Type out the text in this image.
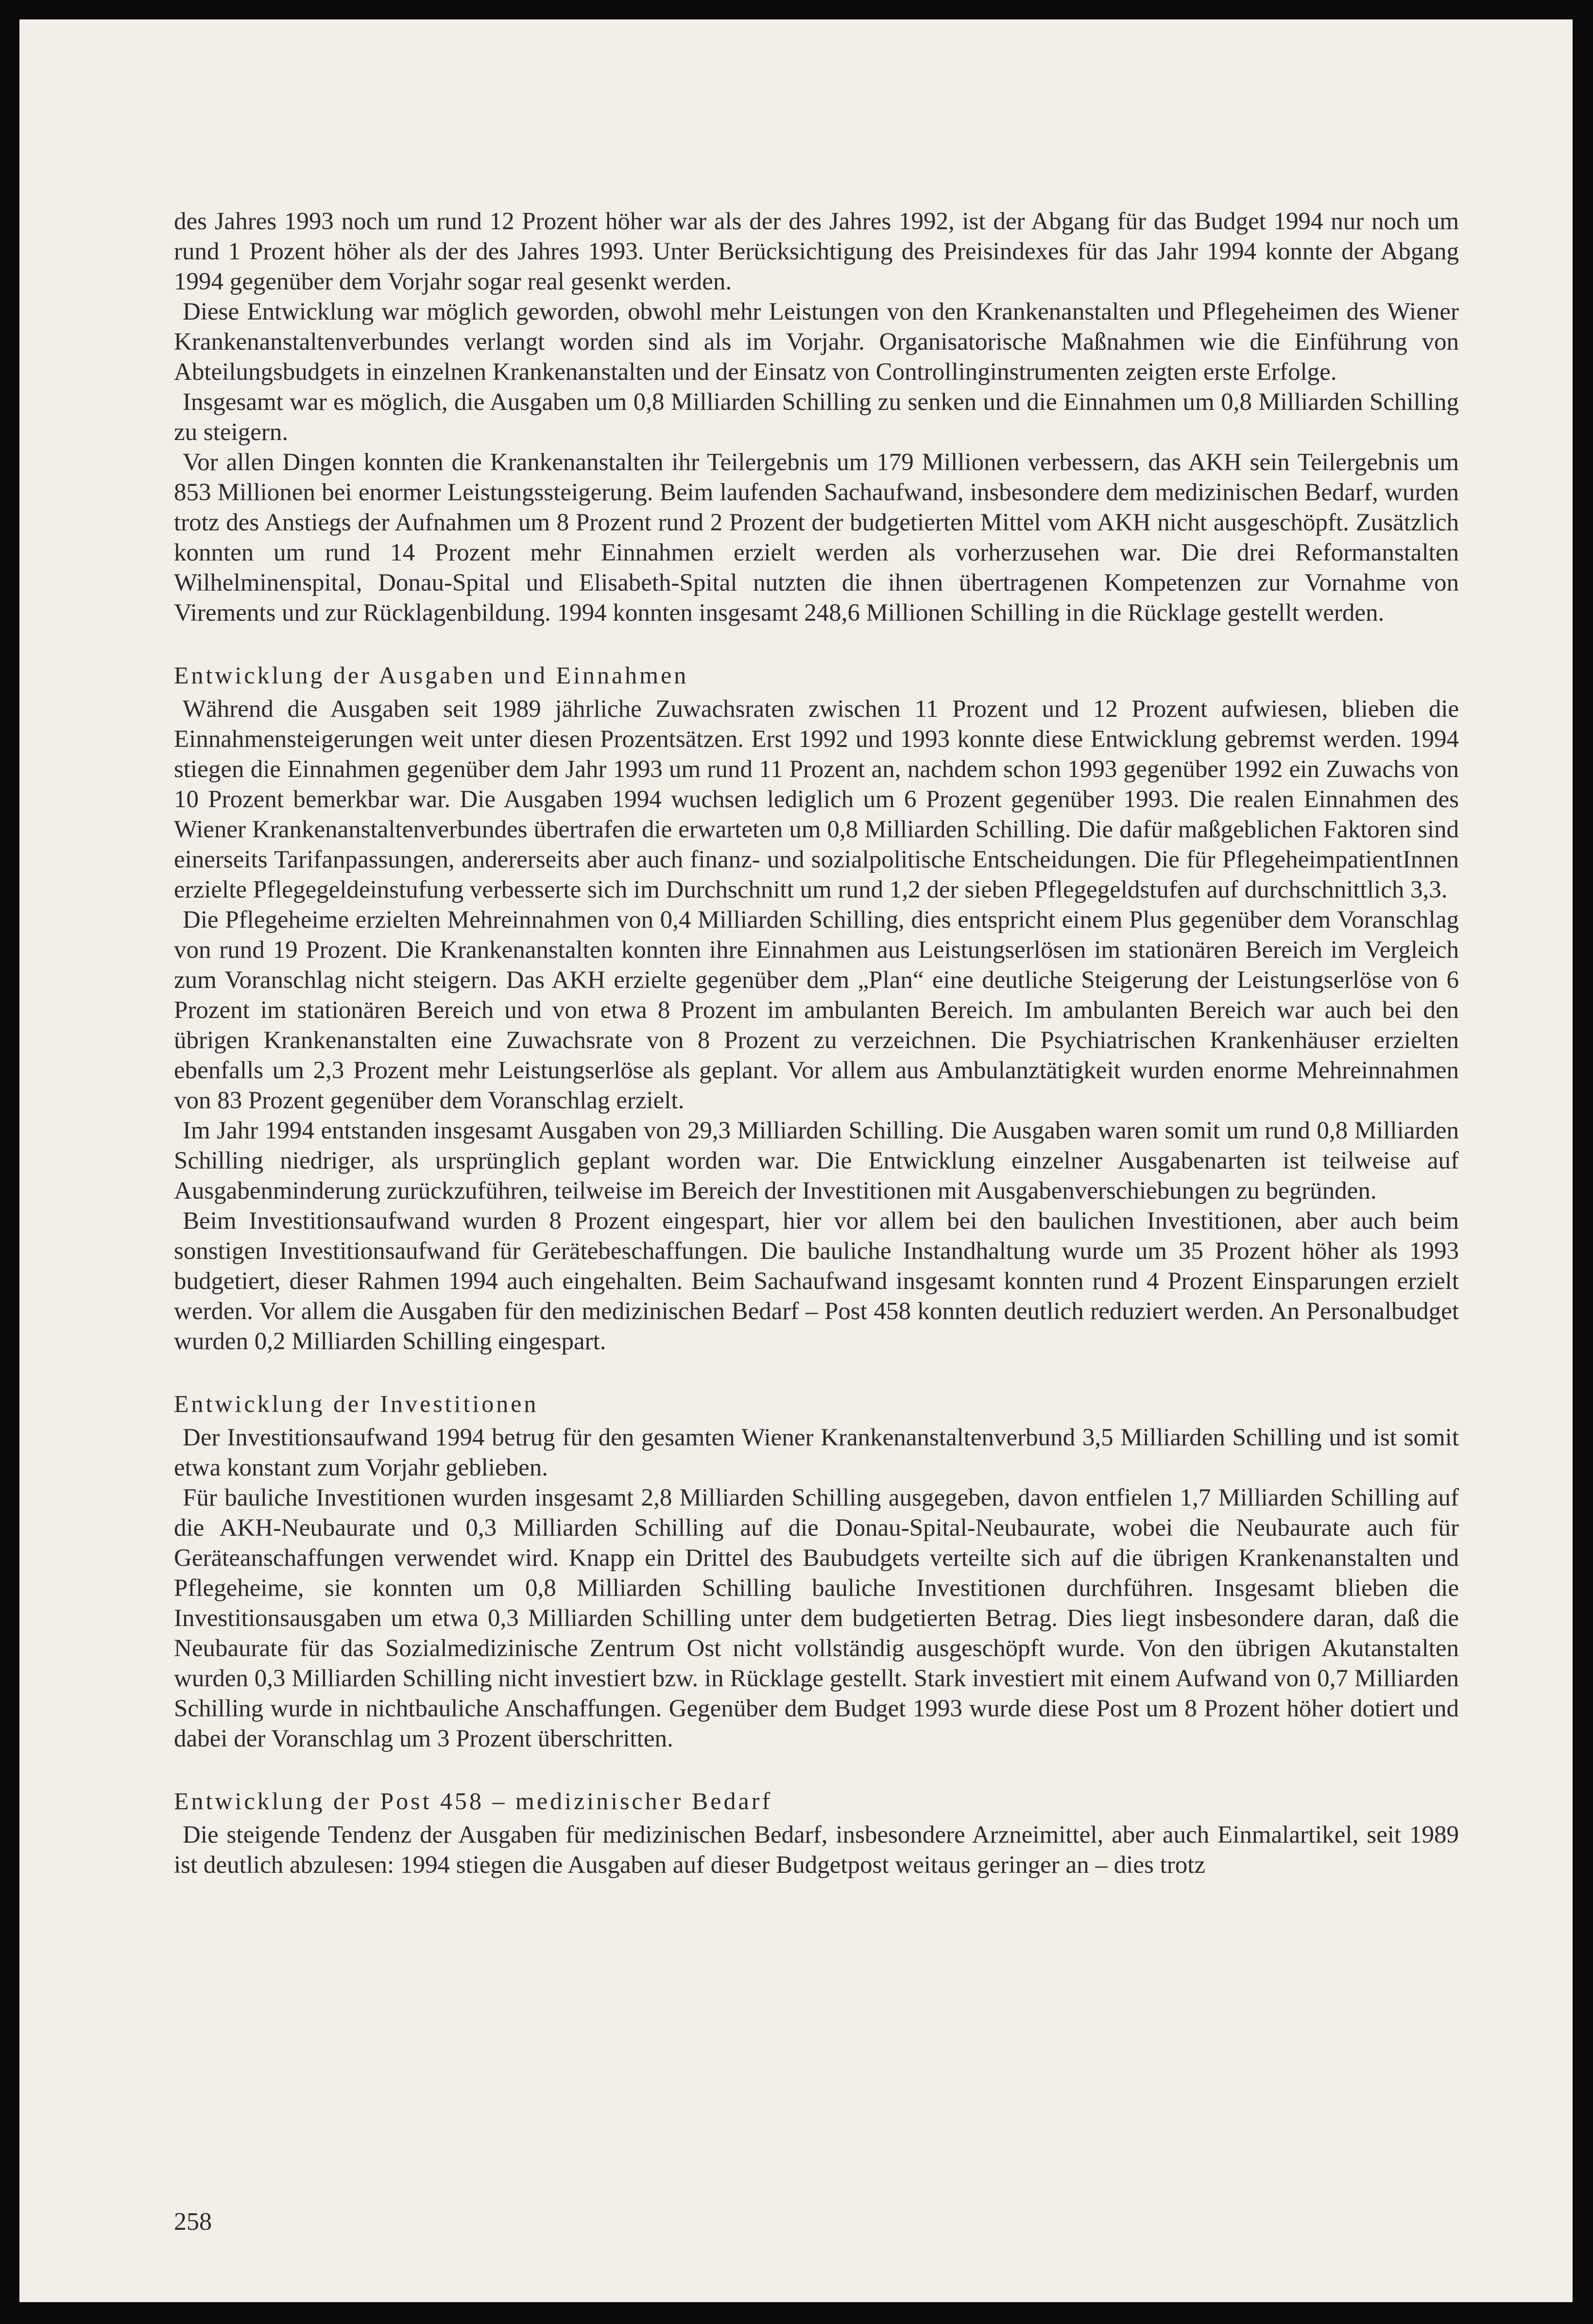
des Jahres 1993 noch um rund 12 Prozent höher war als der des Jahres 1992, ist der Abgang für das Budget 1994 nur noch um rund 1 Prozent höher als der des Jahres 1993. Unter Berücksichtigung des Preisindexes für das Jahr 1994 konnte der Abgang 1994 gegenüber dem Vorjahr sogar real gesenkt werden.

Diese Entwicklung war möglich geworden, obwohl mehr Leistungen von den Krankenanstalten und Pflegeheimen des Wiener Krankenanstaltenverbundes verlangt worden sind als im Vorjahr. Organisatorische Maßnahmen wie die Einführung von Abteilungsbudgets in einzelnen Krankenanstalten und der Einsatz von Controllinginstrumenten zeigten erste Erfolge.

Insgesamt war es möglich, die Ausgaben um 0,8 Milliarden Schilling zu senken und die Einnahmen um 0,8 Milliarden Schilling zu steigern.

Vor allen Dingen konnten die Krankenanstalten ihr Teilergebnis um 179 Millionen verbessern, das AKH sein Teilergebnis um 853 Millionen bei enormer Leistungssteigerung. Beim laufenden Sachaufwand, insbesondere dem medizinischen Bedarf, wurden trotz des Anstiegs der Aufnahmen um 8 Prozent rund 2 Prozent der budgetierten Mittel vom AKH nicht ausgeschöpft. Zusätzlich konnten um rund 14 Prozent mehr Einnahmen erzielt werden als vorherzusehen war. Die drei Reformanstalten Wilhelminenspital, Donau-Spital und Elisabeth-Spital nutzten die ihnen übertragenen Kompetenzen zur Vornahme von Virements und zur Rücklagenbildung. 1994 konnten insgesamt 248,6 Millionen Schilling in die Rücklage gestellt werden.

Entwicklung der Ausgaben und Einnahmen

Während die Ausgaben seit 1989 jährliche Zuwachsraten zwischen 11 Prozent und 12 Prozent aufwiesen, blieben die Einnahmensteigerungen weit unter diesen Prozentsätzen. Erst 1992 und 1993 konnte diese Entwicklung gebremst werden. 1994 stiegen die Einnahmen gegenüber dem Jahr 1993 um rund 11 Prozent an, nachdem schon 1993 gegenüber 1992 ein Zuwachs von 10 Prozent bemerkbar war. Die Ausgaben 1994 wuchsen lediglich um 6 Prozent gegenüber 1993. Die realen Einnahmen des Wiener Krankenanstaltenverbundes übertrafen die erwarteten um 0,8 Milliarden Schilling. Die dafür maßgeblichen Faktoren sind einerseits Tarifanpassungen, andererseits aber auch finanz- und sozialpolitische Entscheidungen. Die für PflegeheimpatientInnen erzielte Pflegegeldeinstufung verbesserte sich im Durchschnitt um rund 1,2 der sieben Pflegegeldstufen auf durchschnittlich 3,3.

Die Pflegeheime erzielten Mehreinnahmen von 0,4 Milliarden Schilling, dies entspricht einem Plus gegenüber dem Voranschlag von rund 19 Prozent. Die Krankenanstalten konnten ihre Einnahmen aus Leistungserlösen im stationären Bereich im Vergleich zum Voranschlag nicht steigern. Das AKH erzielte gegenüber dem „Plan“ eine deutliche Steigerung der Leistungserlöse von 6 Prozent im stationären Bereich und von etwa 8 Prozent im ambulanten Bereich. Im ambulanten Bereich war auch bei den übrigen Krankenanstalten eine Zuwachsrate von 8 Prozent zu verzeichnen. Die Psychiatrischen Krankenhäuser erzielten ebenfalls um 2,3 Prozent mehr Leistungserlöse als geplant. Vor allem aus Ambulanztätigkeit wurden enorme Mehreinnahmen von 83 Prozent gegenüber dem Voranschlag erzielt.

Im Jahr 1994 entstanden insgesamt Ausgaben von 29,3 Milliarden Schilling. Die Ausgaben waren somit um rund 0,8 Milliarden Schilling niedriger, als ursprünglich geplant worden war. Die Entwicklung einzelner Ausgabenarten ist teilweise auf Ausgabenminderung zurückzuführen, teilweise im Bereich der Investitionen mit Ausgabenverschiebungen zu begründen.

Beim Investitionsaufwand wurden 8 Prozent eingespart, hier vor allem bei den baulichen Investitionen, aber auch beim sonstigen Investitionsaufwand für Gerätebeschaffungen. Die bauliche Instandhaltung wurde um 35 Prozent höher als 1993 budgetiert, dieser Rahmen 1994 auch eingehalten. Beim Sachaufwand insgesamt konnten rund 4 Prozent Einsparungen erzielt werden. Vor allem die Ausgaben für den medizinischen Bedarf – Post 458 konnten deutlich reduziert werden. An Personalbudget wurden 0,2 Milliarden Schilling eingespart.

Entwicklung der Investitionen

Der Investitionsaufwand 1994 betrug für den gesamten Wiener Krankenanstaltenverbund 3,5 Milliarden Schilling und ist somit etwa konstant zum Vorjahr geblieben.

Für bauliche Investitionen wurden insgesamt 2,8 Milliarden Schilling ausgegeben, davon entfielen 1,7 Milliarden Schilling auf die AKH-Neubaurate und 0,3 Milliarden Schilling auf die Donau-Spital-Neubaurate, wobei die Neubaurate auch für Geräteanschaffungen verwendet wird. Knapp ein Drittel des Baubudgets verteilte sich auf die übrigen Krankenanstalten und Pflegeheime, sie konnten um 0,8 Milliarden Schilling bauliche Investitionen durchführen. Insgesamt blieben die Investitionsausgaben um etwa 0,3 Milliarden Schilling unter dem budgetierten Betrag. Dies liegt insbesondere daran, daß die Neubaurate für das Sozialmedizinische Zentrum Ost nicht vollständig ausgeschöpft wurde. Von den übrigen Akutanstalten wurden 0,3 Milliarden Schilling nicht investiert bzw. in Rücklage gestellt. Stark investiert mit einem Aufwand von 0,7 Milliarden Schilling wurde in nichtbauliche Anschaffungen. Gegenüber dem Budget 1993 wurde diese Post um 8 Prozent höher dotiert und dabei der Voranschlag um 3 Prozent überschritten.

Entwicklung der Post 458 – medizinischer Bedarf

Die steigende Tendenz der Ausgaben für medizinischen Bedarf, insbesondere Arzneimittel, aber auch Einmalartikel, seit 1989 ist deutlich abzulesen: 1994 stiegen die Ausgaben auf dieser Budgetpost weitaus geringer an – dies trotz

258
